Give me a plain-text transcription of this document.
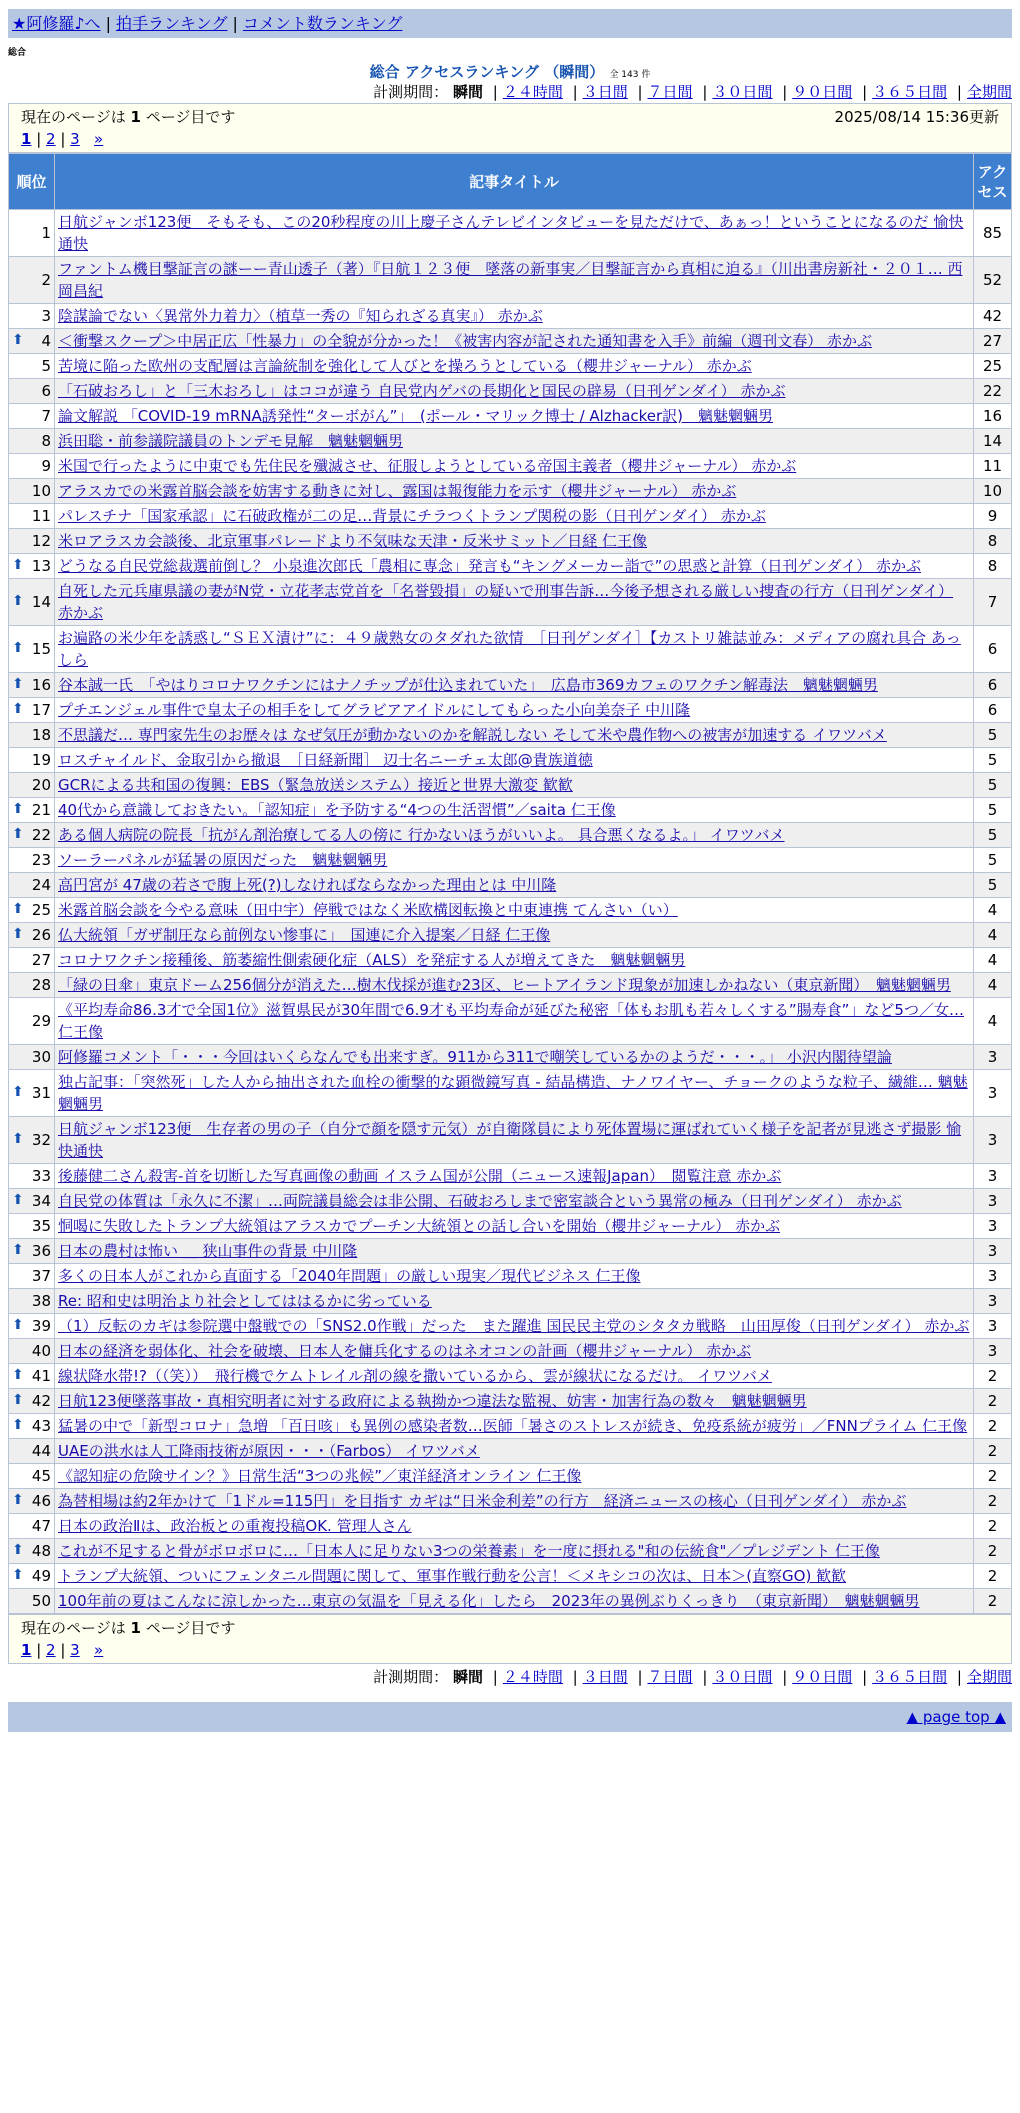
★阿修羅♪へ | 拍手ランキング | コメント数ランキング
総合
総合 アクセスランキング （瞬間） 全 143 件
計測期間： 瞬間 | ２４時間 | ３日間 | ７日間 | ３０日間 | ９０日間 | ３６５日間 | 全期間
現在のページは 1 ページ目です	2025/08/14 15:36更新
1 | 2 | 3 »
順位	記事タイトル	アクセス
1	日航ジャンボ123便　そもそも、この20秒程度の川上慶子さんテレビインタビューを見ただけで、あぁっ！ということになるのだ 愉快通快	85
2	ファントム機目撃証言の謎ーー青山透子（著）『日航１２３便　墜落の新事実／目撃証言から真相に迫る』（川出書房新社・２０１… 西岡昌紀	52
3	陰謀論でない〈異常外力着力〉（植草一秀の『知られざる真実』） 赤かぶ	42

⬆ 4	＜衝撃スクープ＞中居正広「性暴力」の全貌が分かった！《被害内容が記された通知書を入手》前編（週刊文春） 赤かぶ	27
5	苦境に陥った欧州の支配層は言論統制を強化して人びとを操ろうとしている（櫻井ジャーナル） 赤かぶ	25
6	「石破おろし」と「三木おろし」はココが違う 自民党内ゲバの長期化と国民の辟易（日刊ゲンダイ） 赤かぶ	22
7	論文解説 「COVID-19 mRNA誘発性“ターボがん”」　(ポール・マリック博士 / Alzhacker訳)　魑魅魍魎男	16
8	浜田聡・前参議院議員のトンデモ見解　魑魅魍魎男	14
9	米国で行ったように中東でも先住民を殲滅させ、征服しようとしている帝国主義者（櫻井ジャーナル） 赤かぶ	11
10	アラスカでの米露首脳会談を妨害する動きに対し、露国は報復能力を示す（櫻井ジャーナル） 赤かぶ	10
11	パレスチナ「国家承認」に石破政権が二の足…背景にチラつくトランプ関税の影（日刊ゲンダイ） 赤かぶ	9
12	米ロアラスカ会談後、北京軍事パレードより不気味な天津・反米サミット／日経 仁王像	8

⬆ 13	どうなる自民党総裁選前倒し？ 小泉進次郎氏「農相に専念」発言も“キングメーカー詣で”の思惑と計算（日刊ゲンダイ） 赤かぶ	8

⬆ 14	自死した元兵庫県議の妻がN党・立花孝志党首を「名誉毀損」の疑いで刑事告訴…今後予想される厳しい捜査の行方（日刊ゲンダイ） 赤かぶ	7

⬆ 15	お遍路の米少年を誘惑し“ＳＥＸ漬け”に：４９歳熟女のタダれた欲情　［日刊ゲンダイ］【カストリ雑誌並み：メディアの腐れ具合 あっしら	6

⬆ 16	谷本誠一氏　「やはりコロナワクチンにはナノチップが仕込まれていた」　広島市369カフェのワクチン解毒法　魑魅魍魎男	6

⬆ 17	プチエンジェル事件で皇太子の相手をしてグラビアアイドルにしてもらった小向美奈子 中川隆	6
18	不思議だ… 専門家先生のお歴々は なぜ気圧が動かないのかを解説しない そして米や農作物への被害が加速する イワツバメ	5
19	ロスチャイルド、金取引から撤退　［日経新聞］ 辺士名ニーチェ太郎@貴族道徳	5
20	GCRによる共和国の復興：EBS（緊急放送システム）接近と世界大激変 歓歓	5

⬆ 21	40代から意識しておきたい。「認知症」を予防する“4つの生活習慣”／saita 仁王像	5

⬆ 22	ある個人病院の院長「抗がん剤治療してる人の傍に 行かないほうがいいよ。 具合悪くなるよ。」 イワツバメ	5
23	ソーラーパネルが猛暑の原因だった　魑魅魍魎男	5
24	高円宮が 47歳の若さで腹上死(?)しなければならなかった理由とは 中川隆	5

⬆ 25	米露首脳会談を今やる意味（田中宇）停戦ではなく米欧構図転換と中東連携 てんさい（い）	4

⬆ 26	仏大統領「ガザ制圧なら前例ない惨事に」　国連に介入提案／日経 仁王像	4
27	コロナワクチン接種後、筋萎縮性側索硬化症（ALS）を発症する人が増えてきた　魑魅魍魎男	4
28	「緑の日傘」東京ドーム256個分が消えた…樹木伐採が進む23区、ヒートアイランド現象が加速しかねない（東京新聞）　魑魅魍魎男	4
29	《平均寿命86.3才で全国1位》滋賀県民が30年間で6.9才も平均寿命が延びた秘密「体もお肌も若々しくする”腸寿食”」など5つ／女… 仁王像	4
30	阿修羅コメント「・・・今回はいくらなんでも出来すぎ。911から311で嘲笑しているかのようだ・・・。」 小沢内閣待望論	3

⬆ 31	独占記事：「突然死」した人から抽出された血栓の衝撃的な顕微鏡写真 - 結晶構造、ナノワイヤー、チョークのような粒子、繊維… 魑魅魍魎男	3

⬆ 32	日航ジャンボ123便　生存者の男の子（自分で顔を隠す元気）が自衛隊員により死体置場に運ばれていく様子を記者が見逃さず撮影 愉快通快	3
33	後藤健二さん殺害-首を切断した写真画像の動画 イスラム国が公開（ニュース速報Japan）　閲覧注意 赤かぶ	3

⬆ 34	自民党の体質は「永久に不潔」…両院議員総会は非公開、石破おろしまで密室談合という異常の極み（日刊ゲンダイ） 赤かぶ	3
35	恫喝に失敗したトランプ大統領はアラスカでプーチン大統領との話し合いを開始（櫻井ジャーナル） 赤かぶ	3

⬆ 36	日本の農村は怖い ＿ 狭山事件の背景 中川隆	3
37	多くの日本人がこれから直面する「2040年問題」の厳しい現実／現代ビジネス 仁王像	3
38	Re: 昭和史は明治より社会としてははるかに劣っている	3

⬆ 39	（1）反転のカギは参院選中盤戦での「SNS2.0作戦」だった　また躍進 国民民主党のシタタカ戦略　山田厚俊（日刊ゲンダイ） 赤かぶ	3
40	日本の経済を弱体化、社会を破壊、日本人を傭兵化するのはネオコンの計画（櫻井ジャーナル） 赤かぶ	3

⬆ 41	線状降水帯!?（（笑））　飛行機でケムトレイル剤の線を撒いているから、雲が線状になるだけ。 イワツバメ	2

⬆ 42	日航123便墜落事故・真相究明者に対する政府による執拗かつ違法な監視、妨害・加害行為の数々　魑魅魍魎男	2

⬆ 43	猛暑の中で「新型コロナ」急増 「百日咳」も異例の感染者数…医師「暑さのストレスが続き、免疫系統が疲労」／FNNプライム 仁王像	2
44	UAEの洪水は人工降雨技術が原因・・・（Farbos） イワツバメ	2
45	《認知症の危険サイン？》日常生活“3つの兆候”／東洋経済オンライン 仁王像	2

⬆ 46	為替相場は約2年かけて「1ドル=115円」を目指す カギは“日米金利差”の行方　経済ニュースの核心（日刊ゲンダイ） 赤かぶ	2
47	日本の政治Ⅱは、政治板との重複投稿OK. 管理人さん	2

⬆ 48	これが不足すると骨がボロボロに…「日本人に足りない3つの栄養素」を一度に摂れる"和の伝統食"／プレジデント 仁王像	2

⬆ 49	トランプ大統領、ついにフェンタニル問題に関して、軍事作戦行動を公言！＜メキシコの次は、日本＞(直察GO) 歓歓	2
50	100年前の夏はこんなに涼しかった…東京の気温を「見える化」したら　2023年の異例ぶりくっきり　（東京新聞）　魑魅魍魎男	2
現在のページは 1 ページ目です
1 | 2 | 3 »
計測期間： 瞬間 | ２４時間 | ３日間 | ７日間 | ３０日間 | ９０日間 | ３６５日間 | 全期間
▲ page top ▲
